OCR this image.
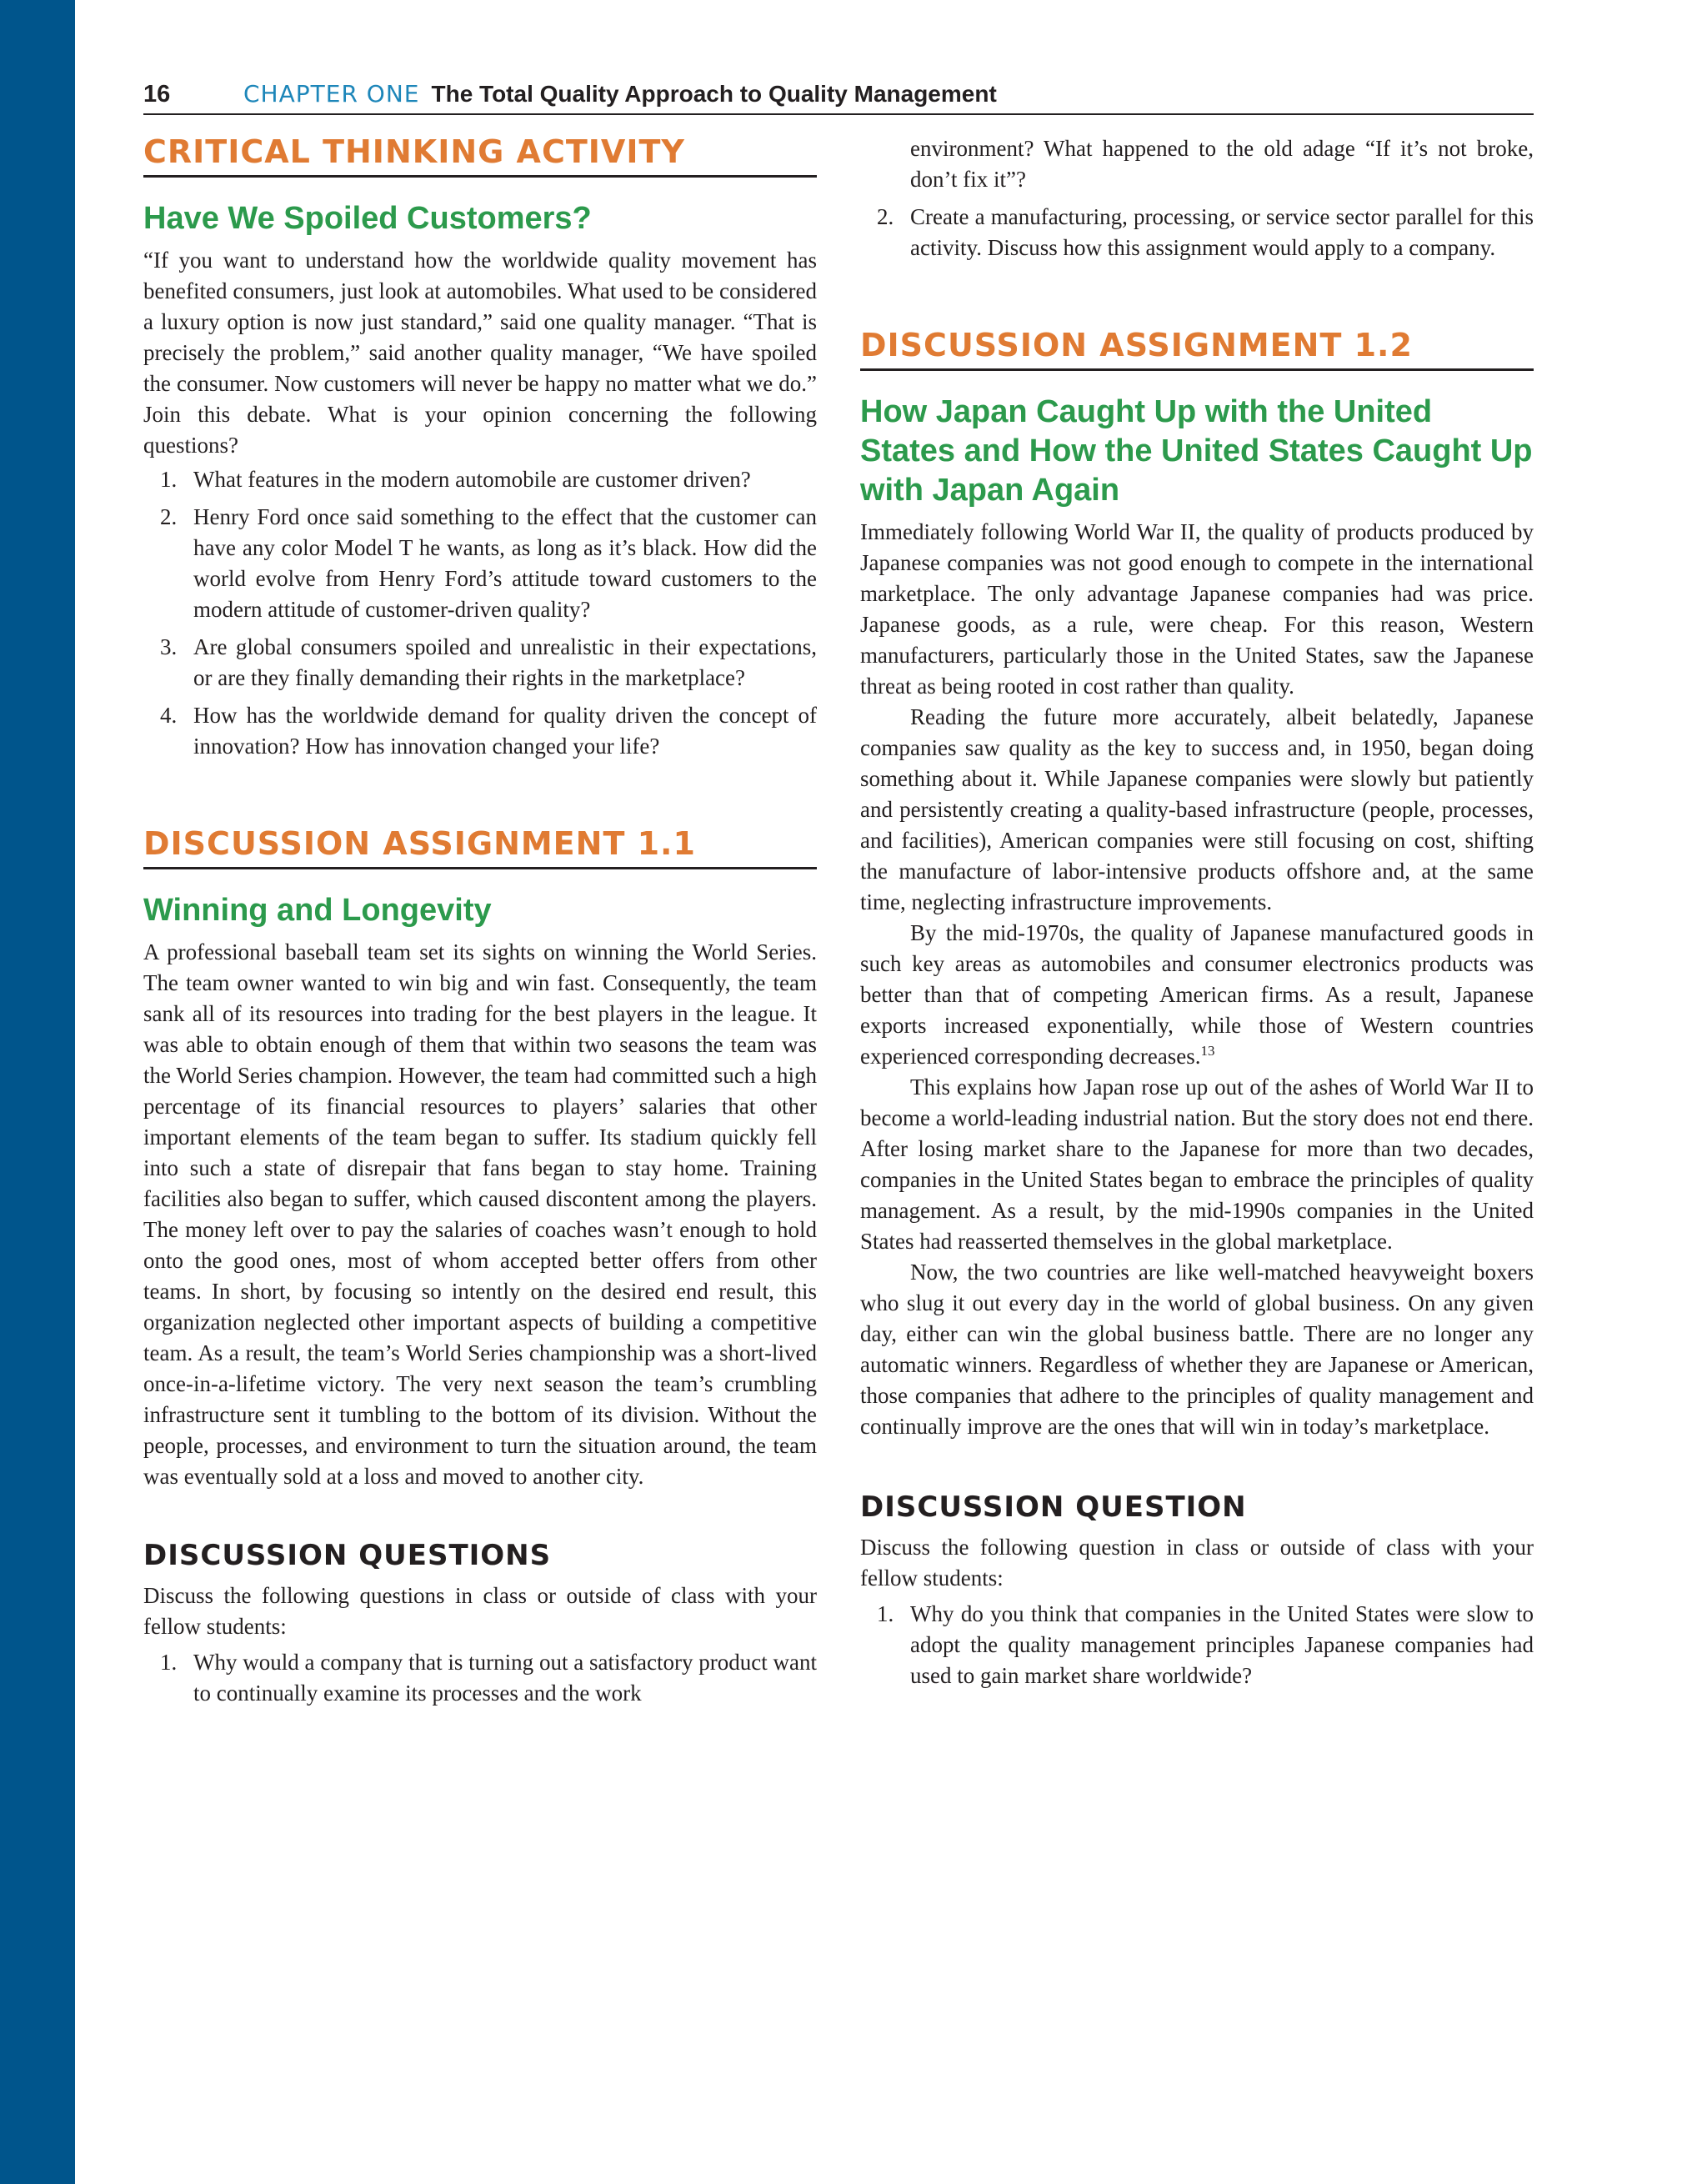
16	CHAPTER ONE The Total Quality Approach to Quality Management
CRITICAL THINKING ACTIVITY
Have We Spoiled Customers?

“If you want to understand how the worldwide quality movement has benefited consumers, just look at automobiles. What used to be considered a luxury option is now just standard,” said one quality manager. “That is precisely the problem,” said another quality manager, “We have spoiled the consumer. Now customers will never be happy no matter what we do.” Join this debate. What is your opinion concerning the following questions?

1. What features in the modern automobile are customer driven?
2. Henry Ford once said something to the effect that the customer can have any color Model T he wants, as long as it’s black. How did the world evolve from Henry Ford’s attitude toward customers to the modern attitude of customer-driven quality?
3. Are global consumers spoiled and unrealistic in their expectations, or are they finally demanding their rights in the marketplace?
4. How has the worldwide demand for quality driven the concept of innovation? How has innovation changed your life?
DISCUSSION ASSIGNMENT 1.1
Winning and Longevity

A professional baseball team set its sights on winning the World Series. The team owner wanted to win big and win fast. Consequently, the team sank all of its resources into trading for the best players in the league. It was able to obtain enough of them that within two seasons the team was the World Series champion. However, the team had committed such a high percentage of its financial resources to players’ salaries that other important elements of the team began to suffer. Its stadium quickly fell into such a state of disrepair that fans began to stay home. Training facilities also began to suffer, which caused discontent among the players. The money left over to pay the salaries of coaches wasn’t enough to hold onto the good ones, most of whom accepted better offers from other teams. In short, by focusing so intently on the desired end result, this organization neglected other important aspects of building a competitive team. As a result, the team’s World Series championship was a short-lived once-in-a-lifetime victory. The very next season the team’s crumbling infrastructure sent it tumbling to the bottom of its division. Without the people, processes, and environment to turn the situation around, the team was eventually sold at a loss and moved to another city.

DISCUSSION QUESTIONS

Discuss the following questions in class or outside of class with your fellow students:

1. Why would a company that is turning out a satisfactory product want to continually examine its processes and the work
environment? What happened to the old adage “If it’s not broke, don’t fix it”?
2. Create a manufacturing, processing, or service sector parallel for this activity. Discuss how this assignment would apply to a company.
DISCUSSION ASSIGNMENT 1.2
How Japan Caught Up with the United States and How the United States Caught Up with Japan Again

Immediately following World War II, the quality of products produced by Japanese companies was not good enough to compete in the international marketplace. The only advantage Japanese companies had was price. Japanese goods, as a rule, were cheap. For this reason, Western manufacturers, particularly those in the United States, saw the Japanese threat as being rooted in cost rather than quality.

Reading the future more accurately, albeit belatedly, Japanese companies saw quality as the key to success and, in 1950, began doing something about it. While Japanese companies were slowly but patiently and persistently creating a quality-based infrastructure (people, processes, and facilities), American companies were still focusing on cost, shifting the manufacture of labor-intensive products offshore and, at the same time, neglecting infrastructure improvements.

By the mid-1970s, the quality of Japanese manufactured goods in such key areas as automobiles and consumer electronics products was better than that of competing American firms. As a result, Japanese exports increased exponentially, while those of Western countries experienced corresponding decreases.$^{13}$

This explains how Japan rose up out of the ashes of World War II to become a world-leading industrial nation. But the story does not end there. After losing market share to the Japanese for more than two decades, companies in the United States began to embrace the principles of quality management. As a result, by the mid-1990s companies in the United States had reasserted themselves in the global marketplace.

Now, the two countries are like well-matched heavyweight boxers who slug it out every day in the world of global business. On any given day, either can win the global business battle. There are no longer any automatic winners. Regardless of whether they are Japanese or American, those companies that adhere to the principles of quality management and continually improve are the ones that will win in today’s marketplace.

DISCUSSION QUESTION

Discuss the following question in class or outside of class with your fellow students:

1. Why do you think that companies in the United States were slow to adopt the quality management principles Japanese companies had used to gain market share worldwide?
